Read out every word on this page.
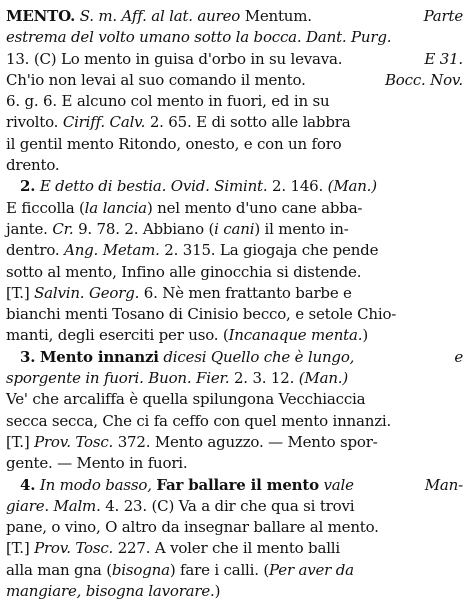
MENTO. S. m. Aff. al lat. aureo Mentum.	Parte
estrema del volto umano sotto la bocca. Dant. Purg.
13. (C) Lo mento in guisa d'orbo in su levava.	E 31.
Ch'io non levai al suo comando il mento.	Bocc. Nov.
6. g. 6. E alcuno col mento in fuori, ed in su
rivolto. Ciriff. Calv. 2. 65. E di sotto alle labbra
il gentil mento Ritondo, onesto, e con un foro
drento.
2. E detto di bestia. Ovid. Simint. 2. 146. (Man.)
E ficcolla (la lancia) nel mento d'uno cane abba-
jante. Cr. 9. 78. 2. Abbiano (i cani) il mento in-
dentro. Ang. Metam. 2. 315. La giogaja che pende
sotto al mento, Infino alle ginocchia si distende.
[T.] Salvin. Georg. 6. Nè men frattanto barbe e
bianchi menti Tosano di Cinisio becco, e setole Chio-
manti, degli eserciti per uso. (Incanaque menta.)
3. Mento innanzi dicesi Quello che è lungo,	e
sporgente in fuori. Buon. Fier. 2. 3. 12. (Man.)
Ve' che arcaliffa è quella spilungona Vecchiaccia
secca secca, Che ci fa ceffo con quel mento innanzi.
[T.] Prov. Tosc. 372. Mento aguzzo. — Mento spor-
gente. — Mento in fuori.
4. In modo basso, Far ballare il mento vale	Man-
giare. Malm. 4. 23. (C) Va a dir che qua si trovi
pane, o vino, O altro da insegnar ballare al mento.
[T.] Prov. Tosc. 227. A voler che il mento balli
alla man gna (bisogna) fare i calli. (Per aver da
mangiare, bisogna lavorare.)
